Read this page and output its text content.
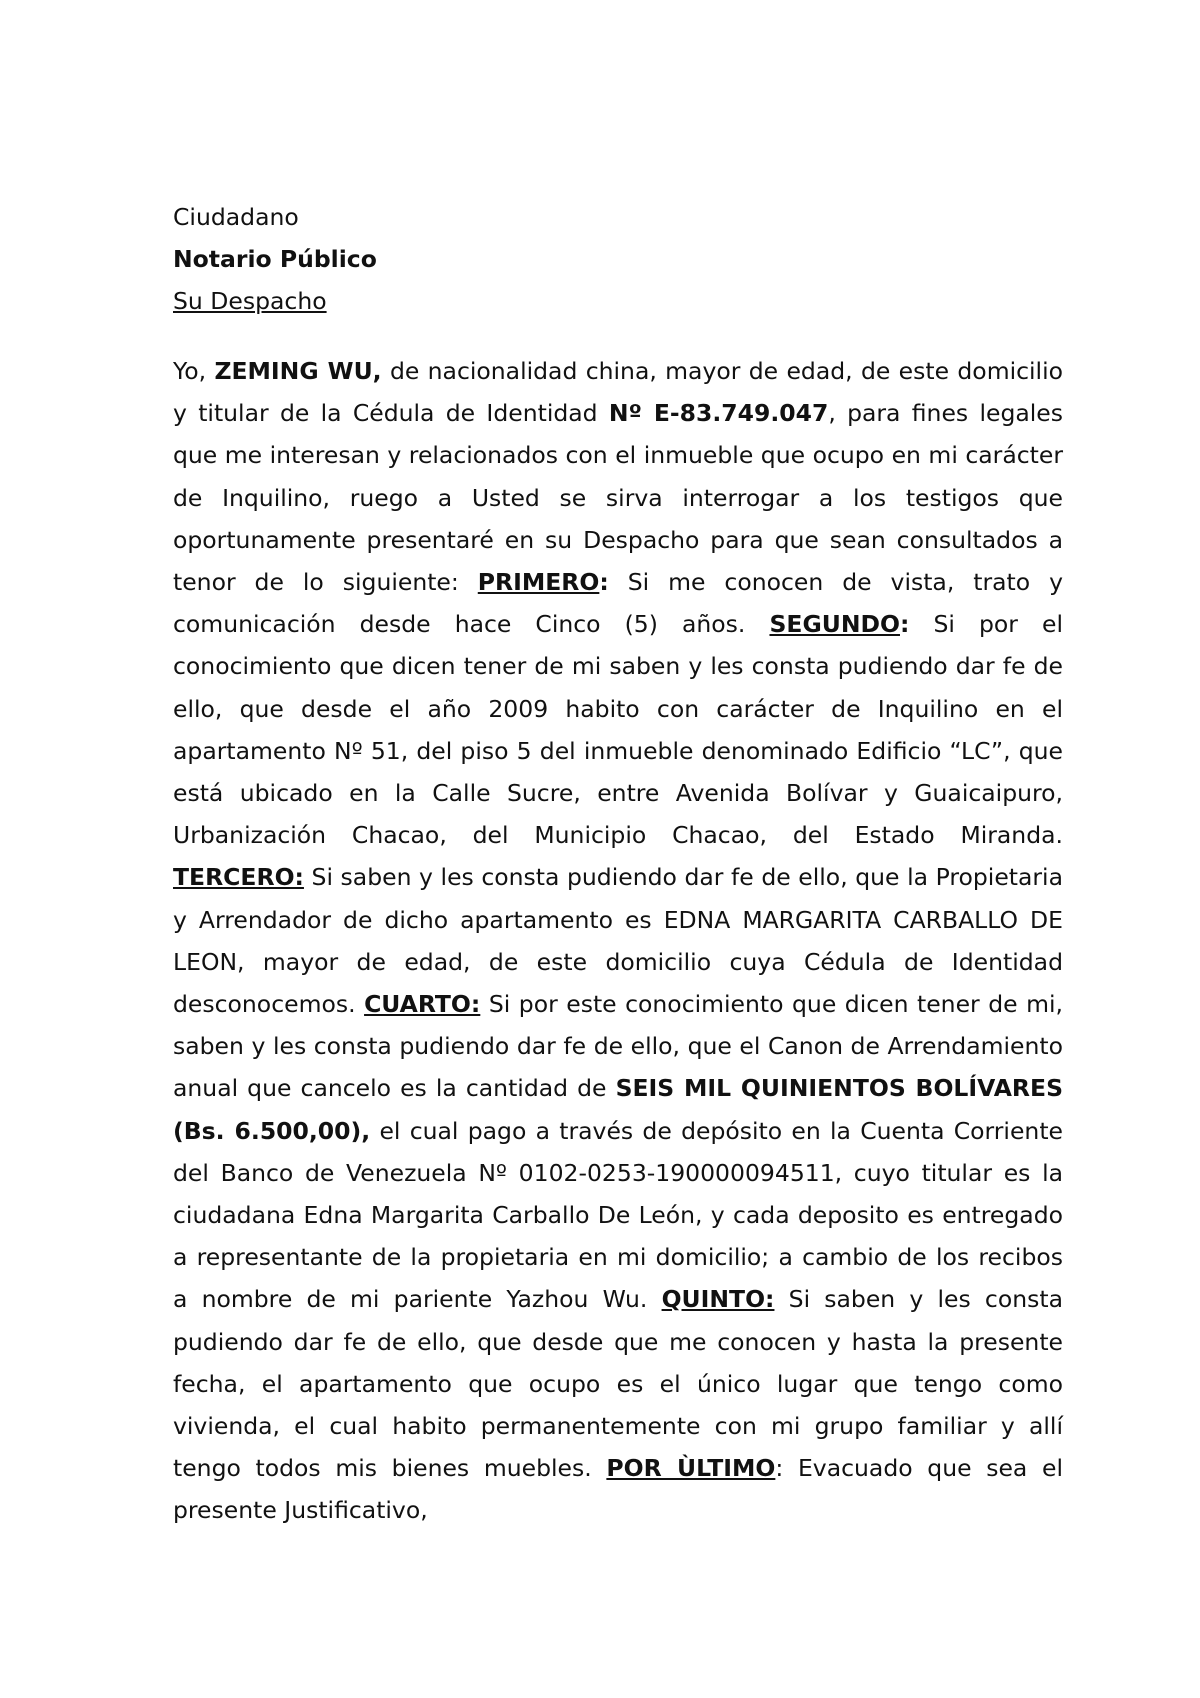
Ciudadano
Notario Público
Su Despacho
Yo, ZEMING WU, de nacionalidad china, mayor de edad, de este domicilio y titular de la Cédula de Identidad Nº E-83.749.047, para fines legales que me interesan y relacionados con el inmueble que ocupo en mi carácter de Inquilino, ruego a Usted se sirva interrogar a los testigos que oportunamente presentaré en su Despacho para que sean consultados a tenor de lo siguiente: PRIMERO: Si me conocen de vista, trato y comunicación desde hace Cinco (5) años. SEGUNDO: Si por el conocimiento que dicen tener de mi saben y les consta pudiendo dar fe de ello, que desde el año 2009 habito con carácter de Inquilino en el apartamento Nº 51, del piso 5 del inmueble denominado Edificio “LC”, que está ubicado en la Calle Sucre, entre Avenida Bolívar y Guaicaipuro, Urbanización Chacao, del Municipio Chacao, del Estado Miranda. TERCERO: Si saben y les consta pudiendo dar fe de ello, que la Propietaria y Arrendador de dicho apartamento es EDNA MARGARITA CARBALLO DE LEON, mayor de edad, de este domicilio cuya Cédula de Identidad desconocemos. CUARTO: Si por este conocimiento que dicen tener de mi, saben y les consta pudiendo dar fe de ello, que el Canon de Arrendamiento anual que cancelo es la cantidad de SEIS MIL QUINIENTOS BOLÍVARES (Bs. 6.500,00), el cual pago a través de depósito en la Cuenta Corriente del Banco de Venezuela Nº 0102-0253-190000094511, cuyo titular es la ciudadana Edna Margarita Carballo De León, y cada deposito es entregado a representante de la propietaria en mi domicilio; a cambio de los recibos a nombre de mi pariente Yazhou Wu. QUINTO: Si saben y les consta pudiendo dar fe de ello, que desde que me conocen y hasta la presente fecha, el apartamento que ocupo es el único lugar que tengo como vivienda, el cual habito permanentemente con mi grupo familiar y allí tengo todos mis bienes muebles. POR ÙLTIMO: Evacuado que sea el presente Justificativo,
